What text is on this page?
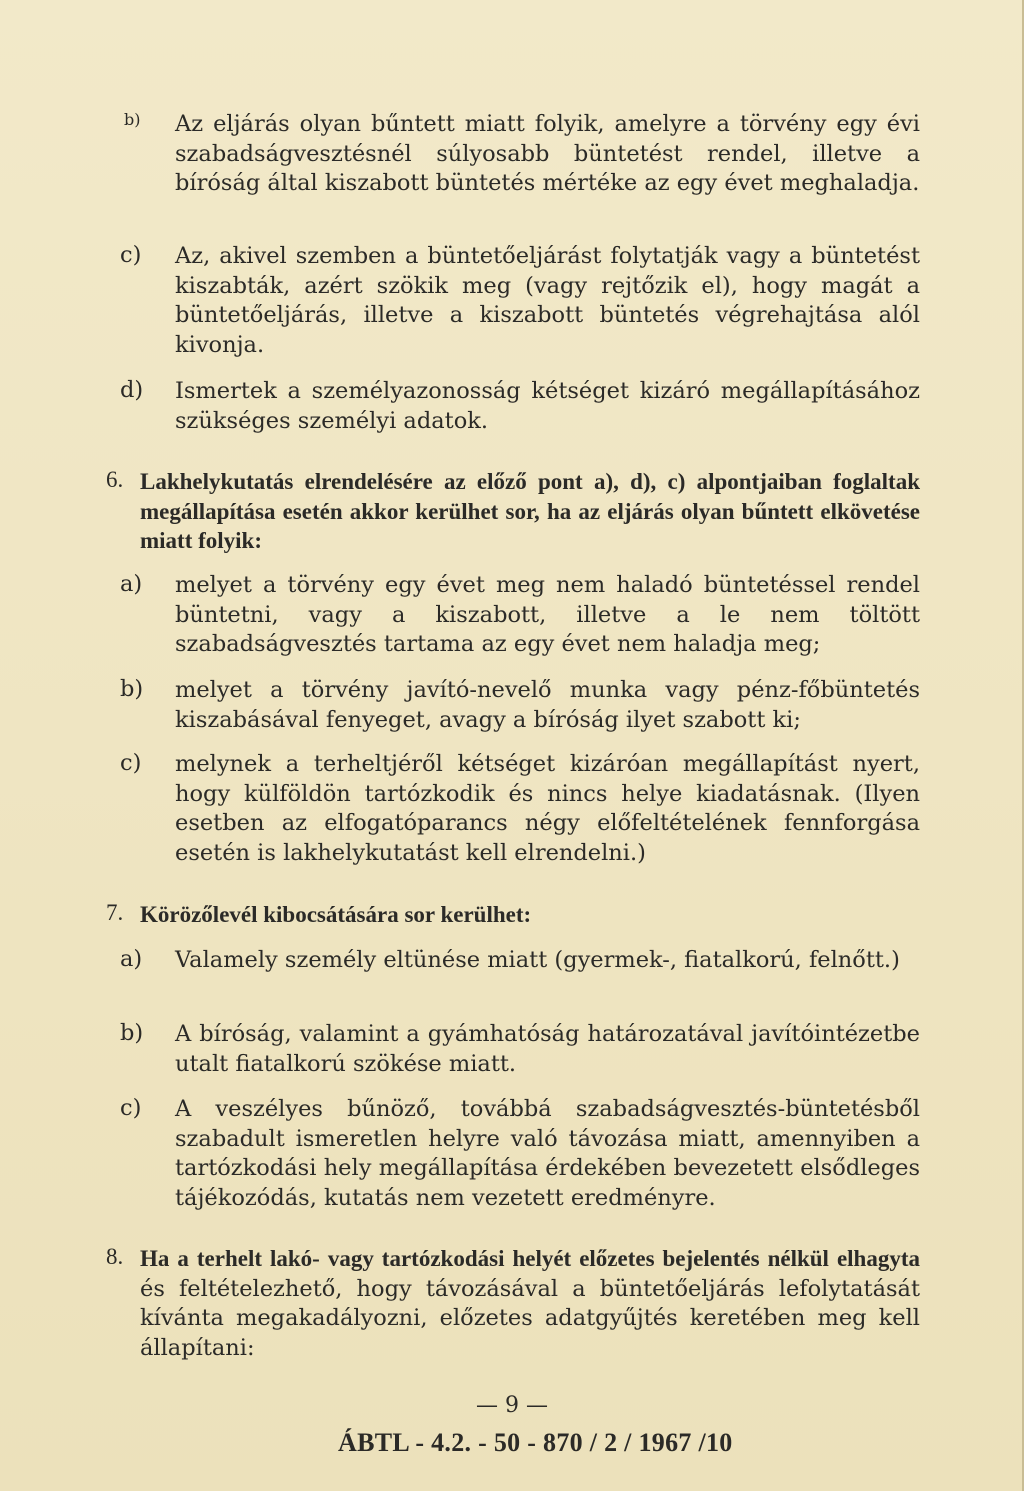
b)	Az eljárás olyan bűntett miatt folyik, amelyre a törvény egy évi szabadságvesztésnél súlyosabb büntetést rendel, illetve a bíróság által kiszabott büntetés mértéke az egy évet meghaladja.
c)	Az, akivel szemben a büntetőeljárást folytatják vagy a büntetést kiszabták, azért szökik meg (vagy rejtőzik el), hogy magát a büntetőeljárás, illetve a kiszabott büntetés végrehajtása alól kivonja.
d)	Ismertek a személyazonosság kétséget kizáró megállapításához szükséges személyi adatok.
6. Lakhelykutatás elrendelésére az előző pont a), d), c) alpontjaiban foglaltak megállapítása esetén akkor kerülhet sor, ha az eljárás olyan bűntett elkövetése miatt folyik:
a)	melyet a törvény egy évet meg nem haladó büntetéssel rendel büntetni, vagy a kiszabott, illetve a le nem töltött szabadságvesztés tartama az egy évet nem haladja meg;
b)	melyet a törvény javító-nevelő munka vagy pénz-főbüntetés kiszabásával fenyeget, avagy a bíróság ilyet szabott ki;
c)	melynek a terheltjéről kétséget kizáróan megállapítást nyert, hogy külföldön tartózkodik és nincs helye kiadatásnak. (Ilyen esetben az elfogatóparancs négy előfeltételének fennforgása esetén is lakhelykutatást kell elrendelni.)
7. Körözőlevél kibocsátására sor kerülhet:
a)	Valamely személy eltünése miatt (gyermek-, fiatalkorú, felnőtt.)
b)	A bíróság, valamint a gyámhatóság határozatával javítóintézetbe utalt fiatalkorú szökése miatt.
c)	A veszélyes bűnöző, továbbá szabadságvesztés-büntetésből szabadult ismeretlen helyre való távozása miatt, amennyiben a tartózkodási hely megállapítása érdekében bevezetett elsődleges tájékozódás, kutatás nem vezetett eredményre.
8. Ha a terhelt lakó- vagy tartózkodási helyét előzetes bejelentés nélkül elhagyta és feltételezhető, hogy távozásával a büntetőeljárás lefolytatását kívánta megakadályozni, előzetes adatgyűjtés keretében meg kell állapítani:
— 9 —
ÁBTL - 4.2. - 50 - 870 / 2 / 1967 /10
